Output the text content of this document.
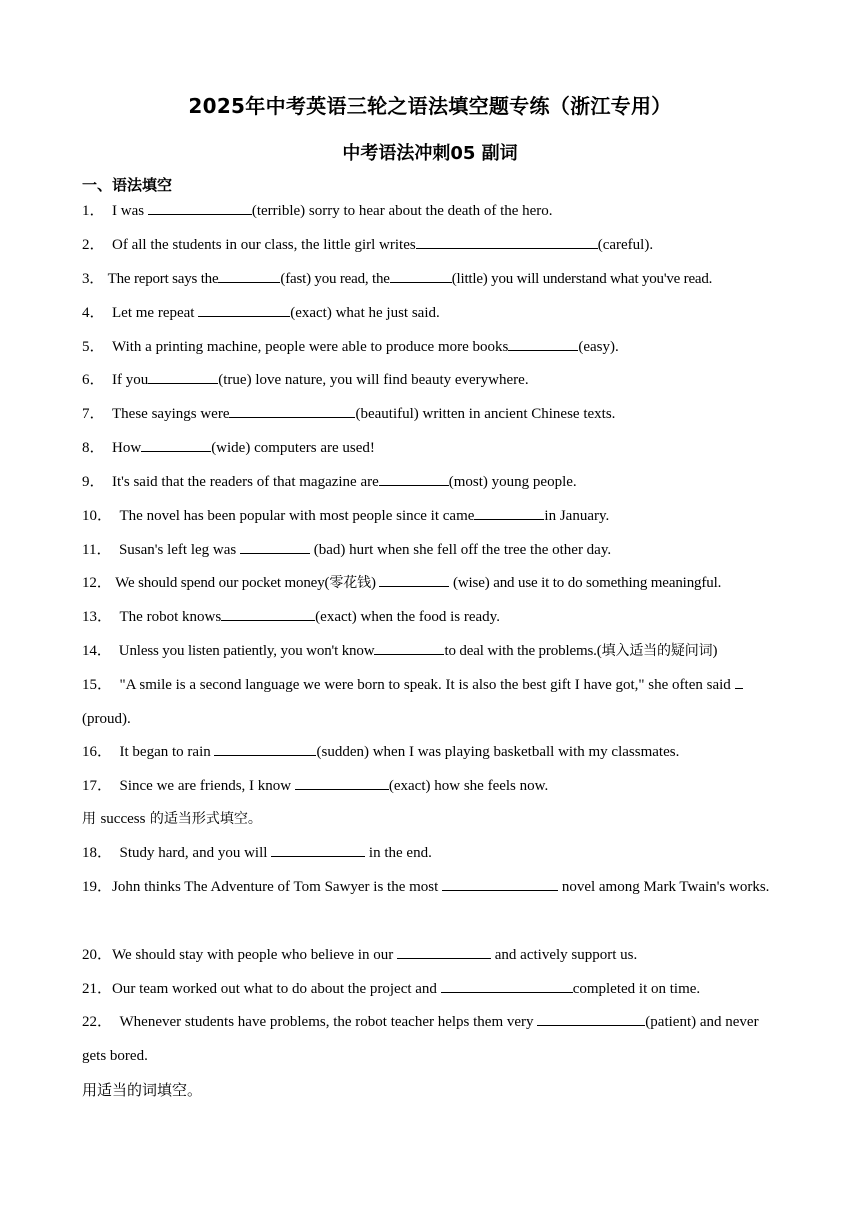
2025年中考英语三轮之语法填空题专练（浙江专用）
中考语法冲刺05 副词
一、语法填空
1． I was	(terrible) sorry to hear about the death of the hero.
2． Of all the students in our class, the little girl writes	(careful).
3． The report says the	(fast) you read, the	(little) you will understand what you've read.
4． Let me repeat	(exact) what he just said.
5． With a printing machine, people were able to produce more books	(easy).
6． If you	(true) love nature, you will find beauty everywhere.
7． These sayings were	(beautiful) written in ancient Chinese texts.
8． How	(wide) computers are used!
9． It's said that the readers of that magazine are	(most) young people.
10． The novel has been popular with most people since it came	in January.
11． Susan's left leg was	(bad) hurt when she fell off the tree the other day.
12． We should spend our pocket money(零花钱)	(wise) and use it to do something meaningful.
13． The robot knows	(exact) when the food is ready.
14． Unless you listen patiently, you won't know	to deal with the problems.(填入适当的疑问词)
15． "A smile is a second language we were born to speak. It is also the best gift I have got," she often said (proud).
16． It began to rain	(sudden) when I was playing basketball with my classmates.
17． Since we are friends, I know	(exact) how she feels now.
用 success 的适当形式填空。
18． Study hard, and you will	in the end.
19．John thinks The Adventure of Tom Sawyer is the most	novel among Mark Twain's works.
20．We should stay with people who believe in our	and actively support us.
21．Our team worked out what to do about the project and	completed it on time.
22． Whenever students have problems, the robot teacher helps them very	(patient) and never gets bored.
用适当的词填空。
